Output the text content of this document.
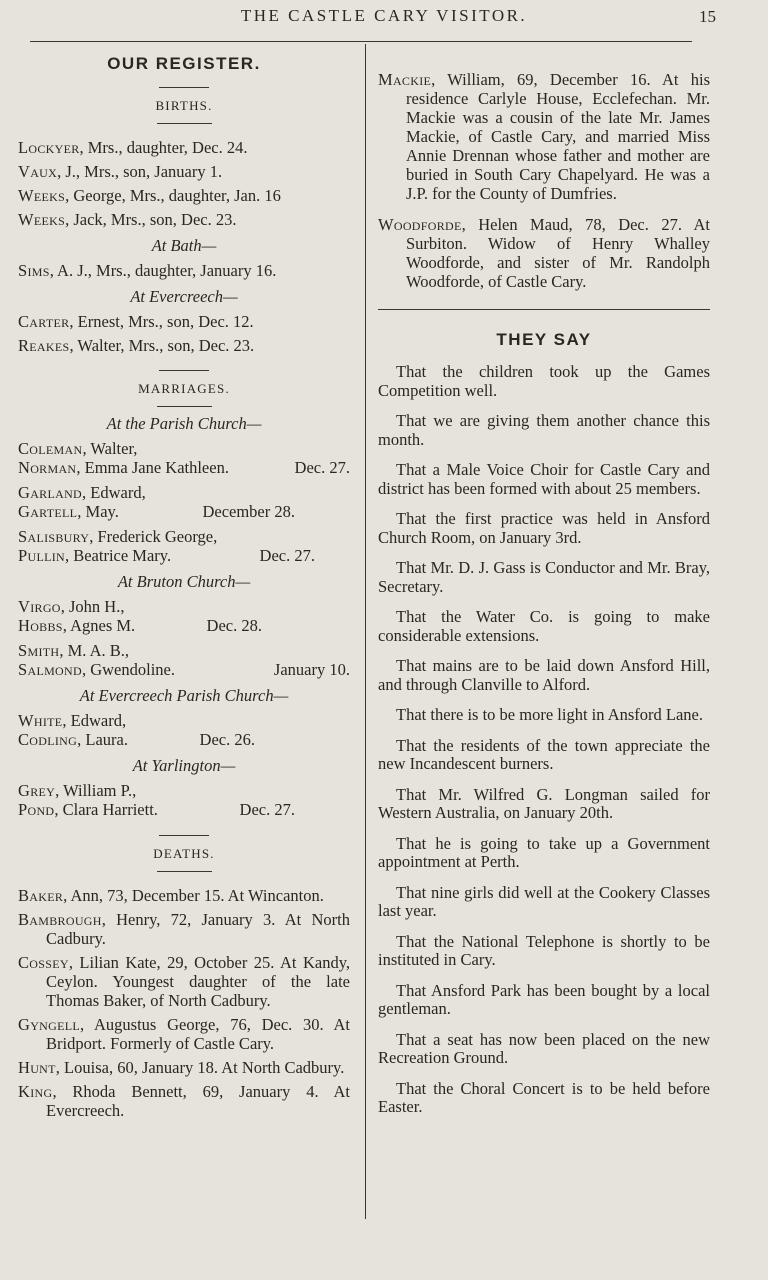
THE CASTLE CARY VISITOR.	15
OUR REGISTER.
BIRTHS.
Lockyer, Mrs., daughter, Dec. 24.
Vaux, J., Mrs., son, January 1.
Weeks, George, Mrs., daughter, Jan. 16
Weeks, Jack, Mrs., son, Dec. 23.
At Bath—
Sims, A. J., Mrs., daughter, January 16.
At Evercreech—
Carter, Ernest, Mrs., son, Dec. 12.
Reakes, Walter, Mrs., son, Dec. 23.
MARRIAGES.
At the Parish Church—
Coleman, Walter,
Norman, Emma Jane Kathleen.	Dec. 27.
Garland, Edward,
Gartell, May.	December 28.
Salisbury, Frederick George,
Pullin, Beatrice Mary.	Dec. 27.
At Bruton Church—
Virgo, John H.,
Hobbs, Agnes M.	Dec. 28.
Smith, M. A. B.,
Salmond, Gwendoline.	January 10.
At Evercreech Parish Church—
White, Edward,
Codling, Laura.	Dec. 26.
At Yarlington—
Grey, William P.,
Pond, Clara Harriett.	Dec. 27.
DEATHS.
Baker, Ann, 73, December 15. At Wincanton.
Bambrough, Henry, 72, January 3. At North Cadbury.
Cossey, Lilian Kate, 29, October 25. At Kandy, Ceylon. Youngest daughter of the late Thomas Baker, of North Cadbury.
Gyngell, Augustus George, 76, Dec. 30. At Bridport. Formerly of Castle Cary.
Hunt, Louisa, 60, January 18. At North Cadbury.
King, Rhoda Bennett, 69, January 4. At Evercreech.
Mackie, William, 69, December 16. At his residence Carlyle House, Ecclefechan. Mr. Mackie was a cousin of the late Mr. James Mackie, of Castle Cary, and married Miss Annie Drennan whose father and mother are buried in South Cary Chapelyard. He was a J.P. for the County of Dumfries.
Woodforde, Helen Maud, 78, Dec. 27. At Surbiton. Widow of Henry Whalley Woodforde, and sister of Mr. Randolph Woodforde, of Castle Cary.
THEY SAY
That the children took up the Games Competition well.
That we are giving them another chance this month.
That a Male Voice Choir for Castle Cary and district has been formed with about 25 members.
That the first practice was held in Ansford Church Room, on January 3rd.
That Mr. D. J. Gass is Conductor and Mr. Bray, Secretary.
That the Water Co. is going to make considerable extensions.
That mains are to be laid down Ansford Hill, and through Clanville to Alford.
That there is to be more light in Ansford Lane.
That the residents of the town appreciate the new Incandescent burners.
That Mr. Wilfred G. Longman sailed for Western Australia, on January 20th.
That he is going to take up a Government appointment at Perth.
That nine girls did well at the Cookery Classes last year.
That the National Telephone is shortly to be instituted in Cary.
That Ansford Park has been bought by a local gentleman.
That a seat has now been placed on the new Recreation Ground.
That the Choral Concert is to be held before Easter.
